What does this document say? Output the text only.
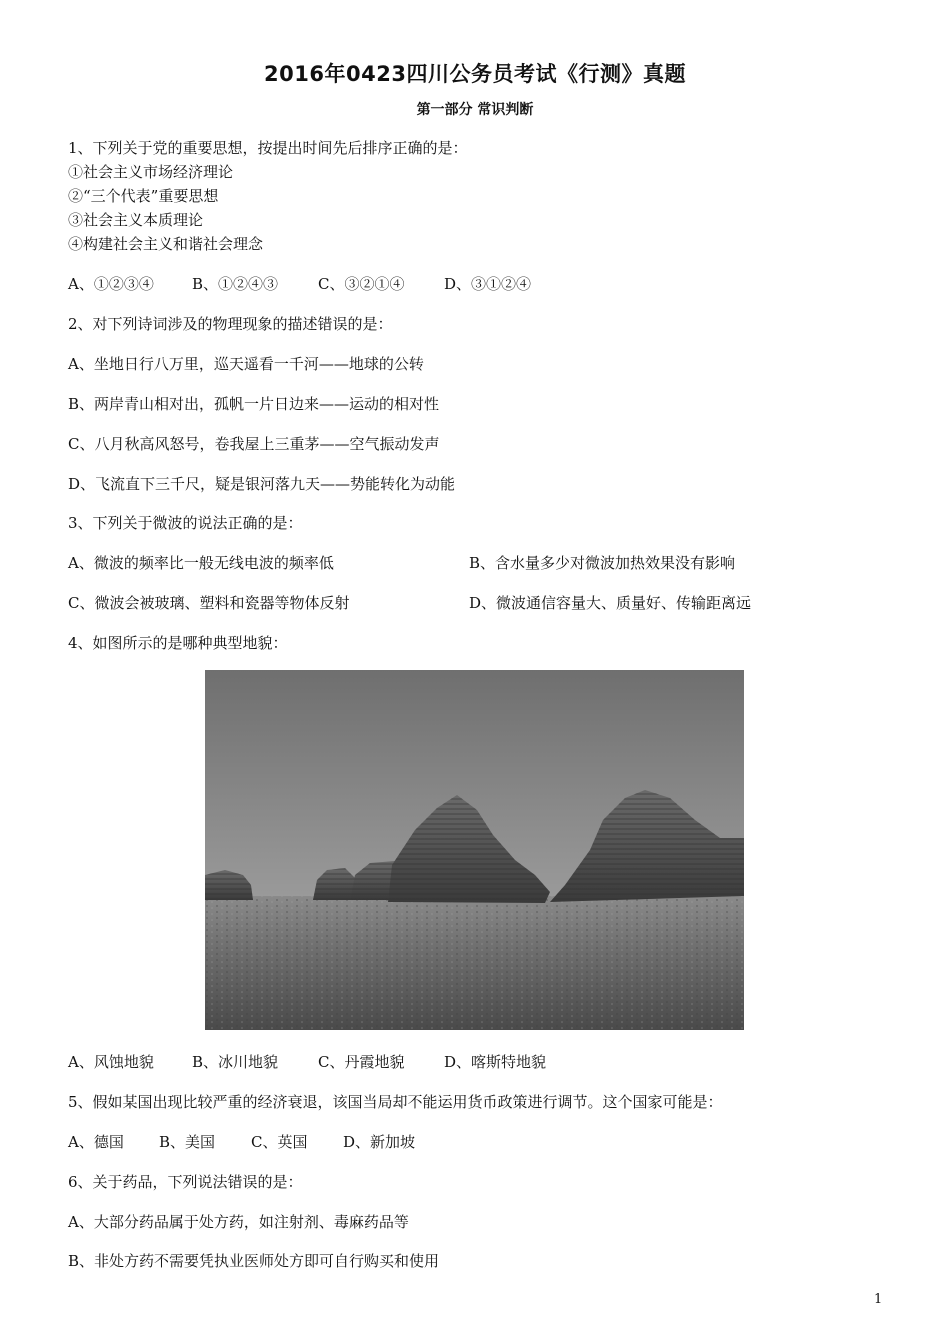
2016年0423四川公务员考试《行测》真题
第一部分 常识判断
1、下列关于党的重要思想，按提出时间先后排序正确的是：
①社会主义市场经济理论
②“三个代表”重要思想
③社会主义本质理论
④构建社会主义和谐社会理念
A、①②③④	B、①②④③	C、③②①④	D、③①②④
2、对下列诗词涉及的物理现象的描述错误的是：
A、坐地日行八万里，巡天遥看一千河——地球的公转
B、两岸青山相对出，孤帆一片日边来——运动的相对性
C、八月秋高风怒号，卷我屋上三重茅——空气振动发声
D、飞流直下三千尺，疑是银河落九天——势能转化为动能
3、下列关于微波的说法正确的是：
A、微波的频率比一般无线电波的频率低	B、含水量多少对微波加热效果没有影响
C、微波会被玻璃、塑料和瓷器等物体反射	D、微波通信容量大、质量好、传输距离远
4、如图所示的是哪种典型地貌：
A、风蚀地貌	B、冰川地貌	C、丹霞地貌	D、喀斯特地貌
5、假如某国出现比较严重的经济衰退，该国当局却不能运用货币政策进行调节。这个国家可能是：
A、德国 B、美国 C、英国 D、新加坡
6、关于药品，下列说法错误的是：
A、大部分药品属于处方药，如注射剂、毒麻药品等
B、非处方药不需要凭执业医师处方即可自行购买和使用
1
